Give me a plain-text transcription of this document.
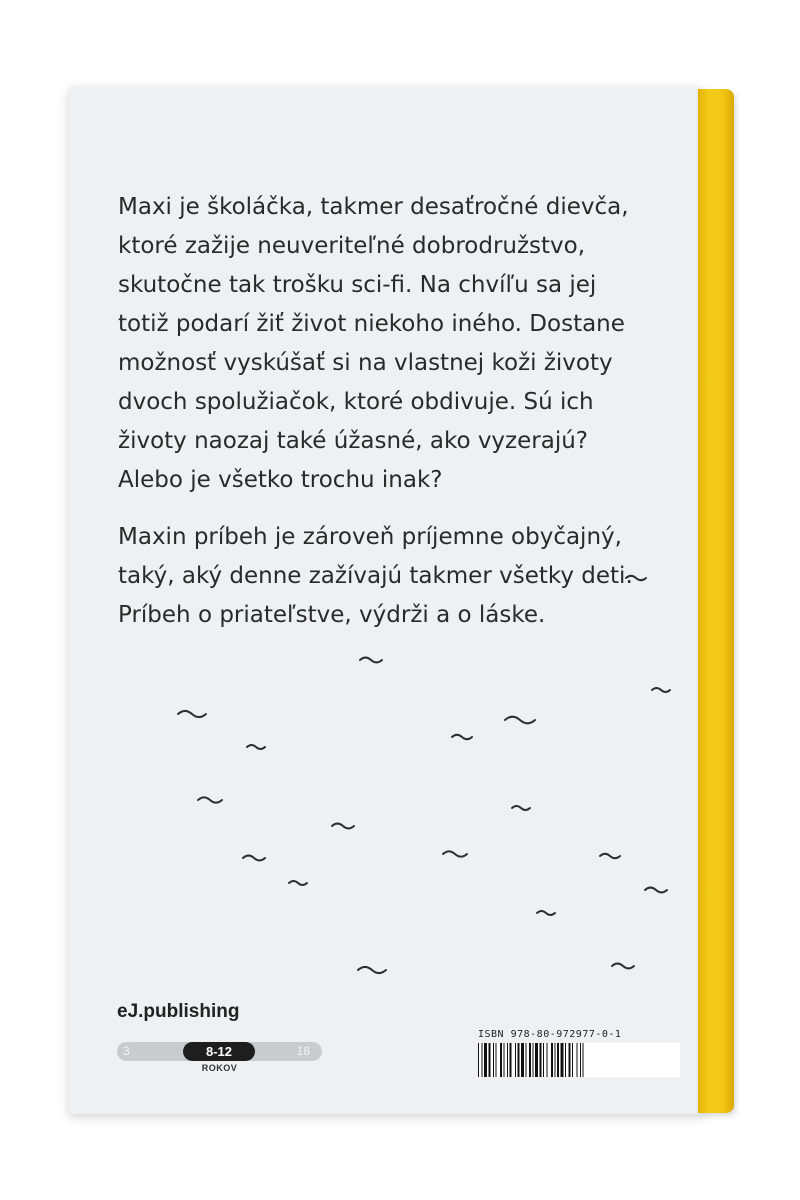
Maxi je školáčka, takmer desaťročné dievča,
ktoré zažije neuveriteľné dobrodružstvo,
skutočne tak trošku sci-fi. Na chvíľu sa jej
totiž podarí žiť život niekoho iného. Dostane
možnosť vyskúšať si na vlastnej koži životy
dvoch spolužiačok, ktoré obdivuje. Sú ich
životy naozaj také úžasné, ako vyzerajú?
Alebo je všetko trochu inak?

Maxin príbeh je zároveň príjemne obyčajný,
taký, aký denne zažívajú takmer všetky deti.
Príbeh o priateľstve, výdrži a o láske.

eJ.publishing
3	8-12	18
ROKOV
ISBN 978-80-972977-0-1
